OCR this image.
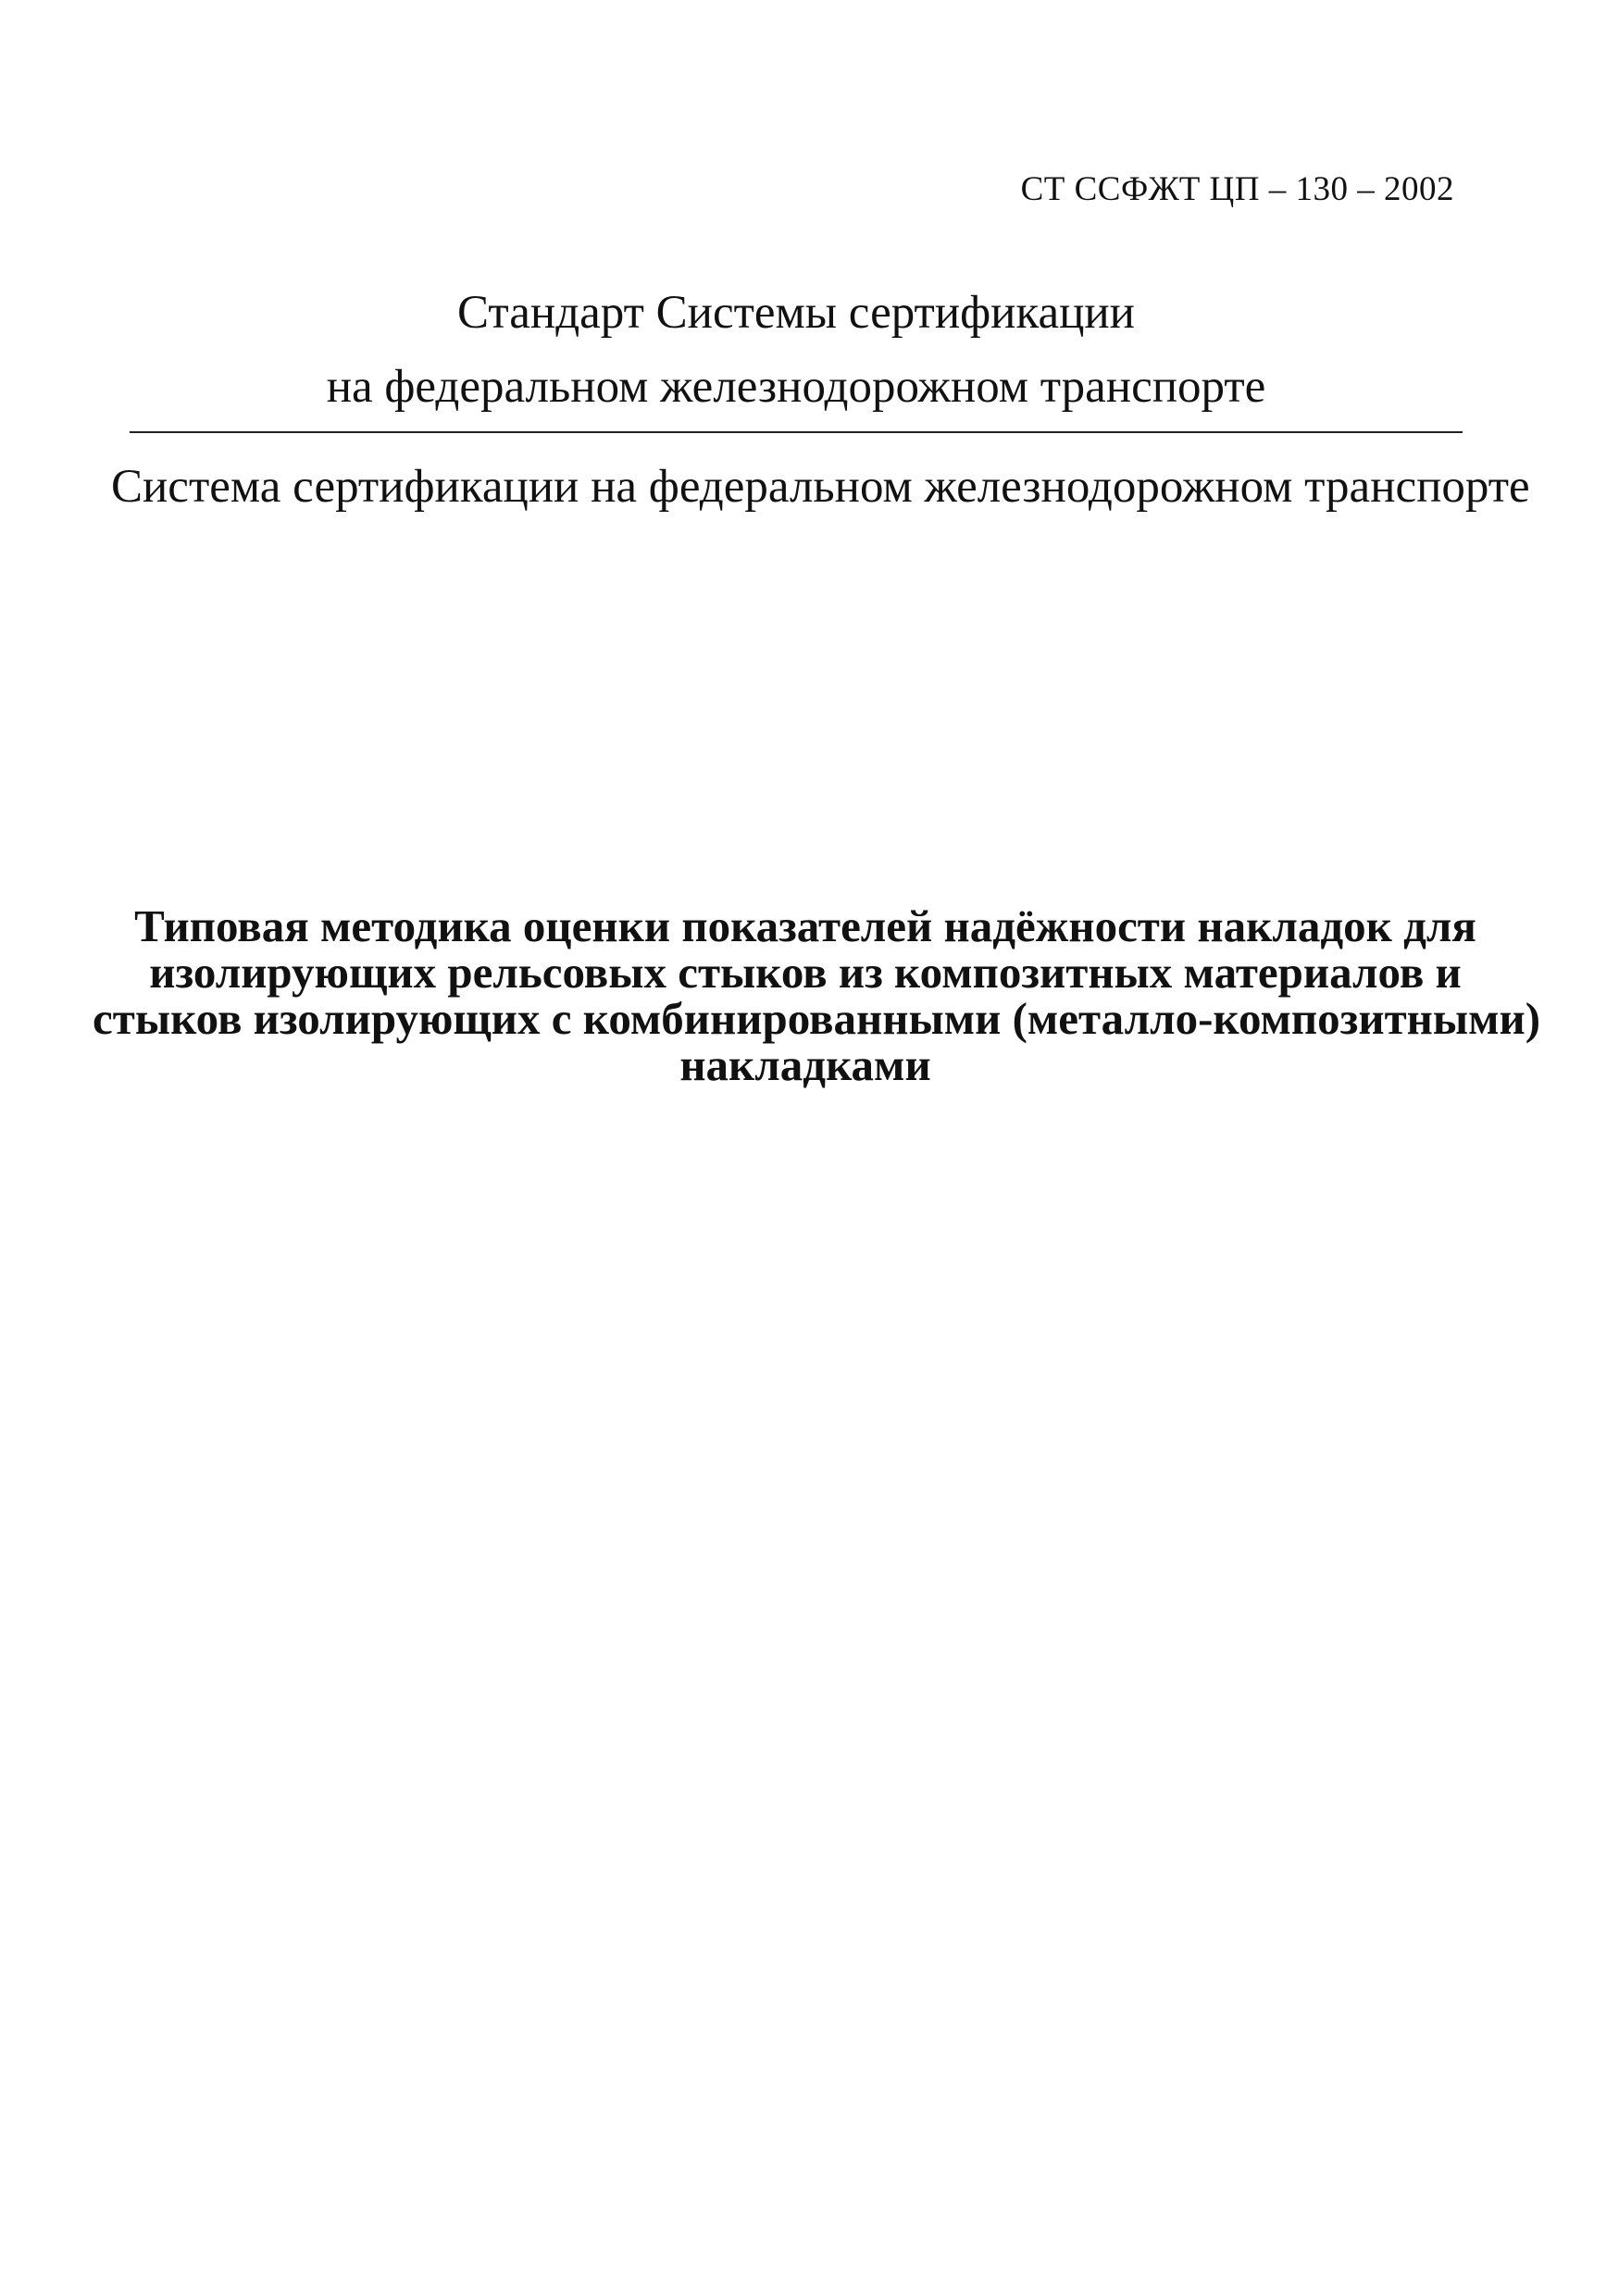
СТ ССФЖТ ЦП – 130 – 2002
Стандарт Системы сертификации
на федеральном железнодорожном транспорте
Система сертификации на федеральном железнодорожном транспорте
Типовая методика оценки показателей надёжности накладок для
изолирующих рельсовых стыков из композитных материалов и
стыков изолирующих с комбинированными (металло-композитными)
накладками
